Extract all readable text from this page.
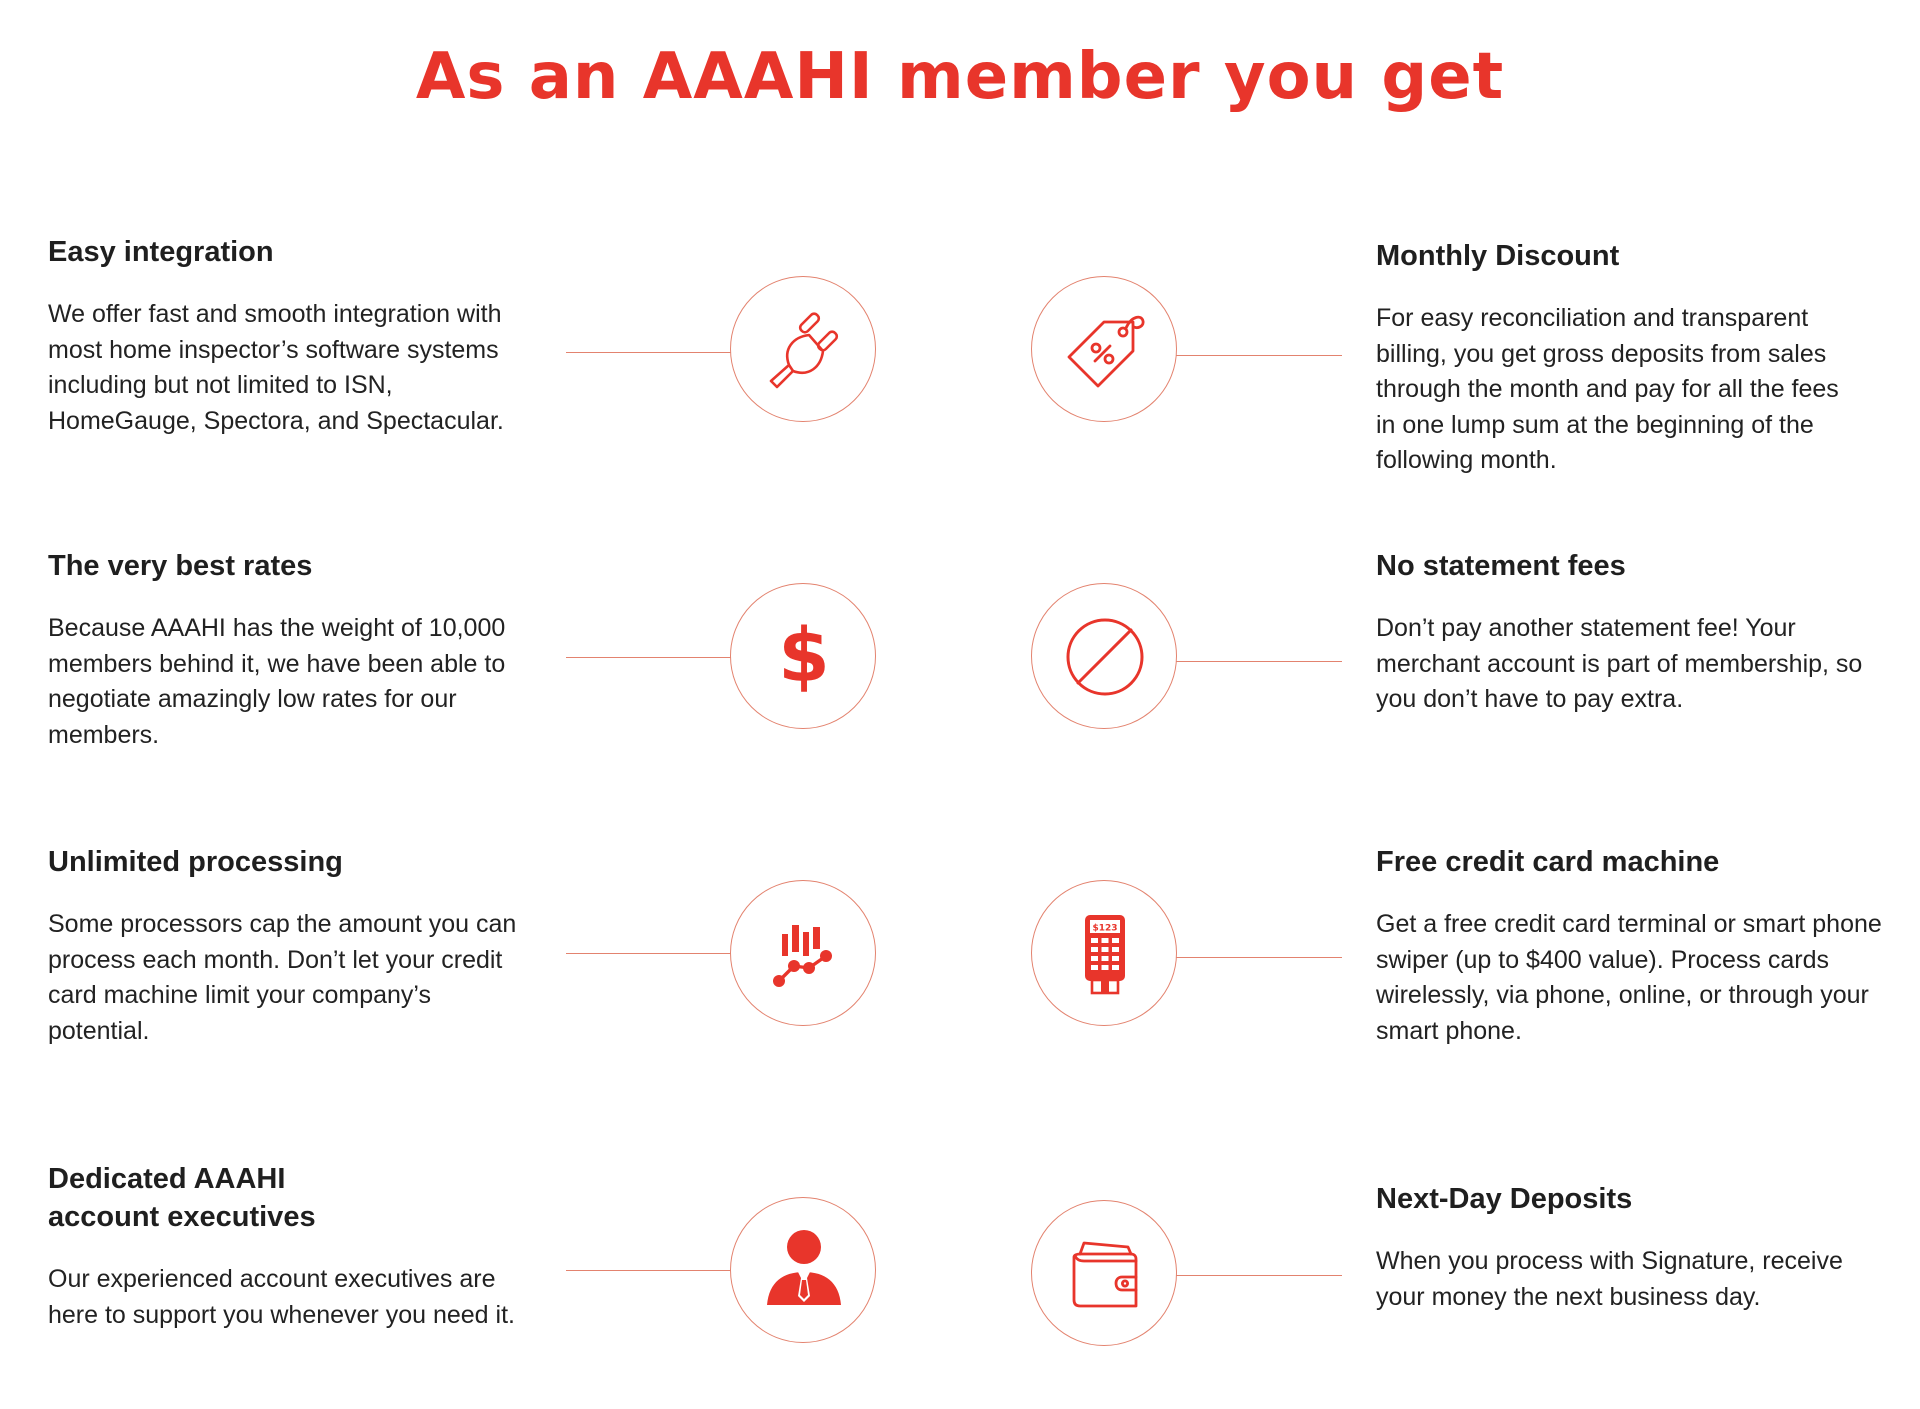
As an AAAHI member you get
Easy integration

We offer fast and smooth integration with most home inspector’s software systems including but not limited to ISN, HomeGauge, Spectora, and Spectacular.

The very best rates

Because AAAHI has the weight of 10,000 members behind it, we have been able to negotiate amazingly low rates for our members.

Unlimited processing

Some processors cap the amount you can process each month. Don’t let your credit card machine limit your company’s potential.

Dedicated AAAHI account executives

Our experienced account executives are here to support you whenever you need it.

Monthly Discount

For easy reconciliation and transparent billing, you get gross deposits from sales through the month and pay for all the fees in one lump sum at the beginning of the following month.

No statement fees

Don’t pay another statement fee! Your merchant account is part of membership, so you don’t have to pay extra.

Free credit card machine

Get a free credit card terminal or smart phone swiper (up to $400 value). Process cards wirelessly, via phone, online, or through your smart phone.

Next-Day Deposits

When you process with Signature, receive your money the next business day.

$
$123
